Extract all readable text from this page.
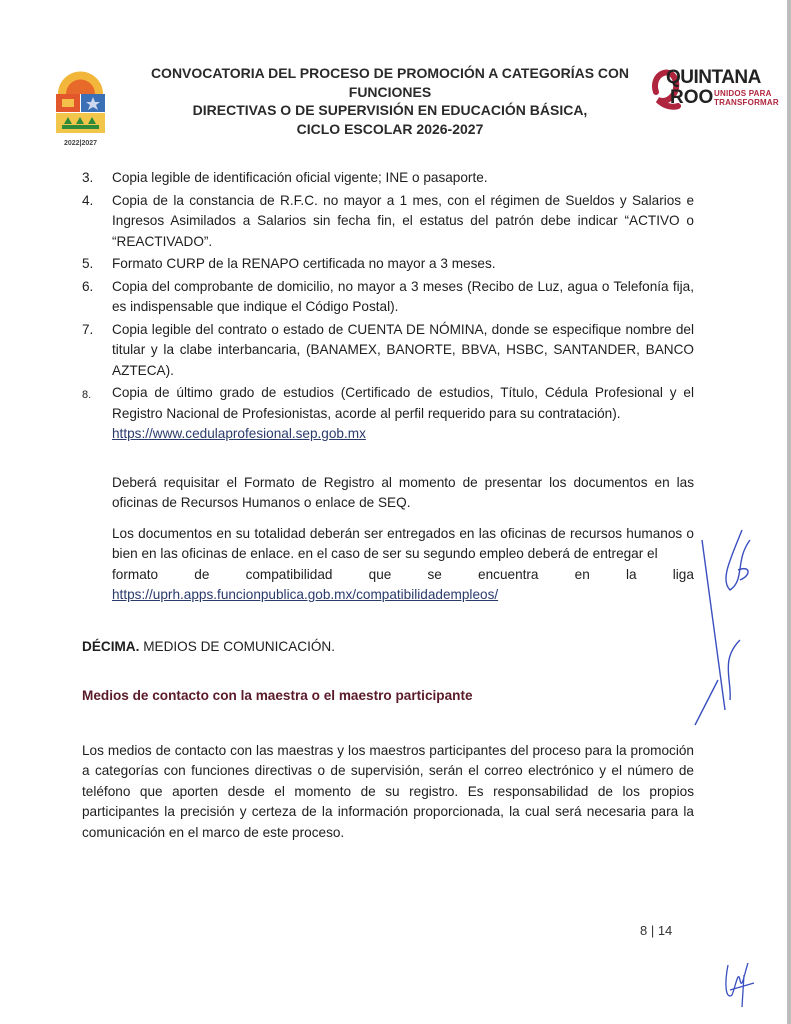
2022|2027
CONVOCATORIA DEL PROCESO DE PROMOCIÓN A CATEGORÍAS CON FUNCIONES
DIRECTIVAS O DE SUPERVISIÓN EN EDUCACIÓN BÁSICA,
CICLO ESCOLAR 2026-2027
QUINTANA
ROO UNIDOS PARA
TRANSFORMAR
3.	Copia legible de identificación oficial vigente; INE o pasaporte.
4.	Copia de la constancia de R.F.C. no mayor a 1 mes, con el régimen de Sueldos y Salarios e Ingresos Asimilados a Salarios sin fecha fin, el estatus del patrón debe indicar “ACTIVO o “REACTIVADO”.
5.	Formato CURP de la RENAPO certificada no mayor a 3 meses.
6.	Copia del comprobante de domicilio, no mayor a 3 meses (Recibo de Luz, agua o Telefonía fija, es indispensable que indique el Código Postal).
7.	Copia legible del contrato o estado de CUENTA DE NÓMINA, donde se especifique nombre del titular y la clabe interbancaria, (BANAMEX, BANORTE, BBVA, HSBC, SANTANDER, BANCO AZTECA).
8.	Copia de último grado de estudios (Certificado de estudios, Título, Cédula Profesional y el Registro Nacional de Profesionistas, acorde al perfil requerido para su contratación).
https://www.cedulaprofesional.sep.gob.mx
Deberá requisitar el Formato de Registro al momento de presentar los documentos en las oficinas de Recursos Humanos o enlace de SEQ.
Los documentos en su totalidad deberán ser entregados en las oficinas de recursos humanos o bien en las oficinas de enlace. en el caso de ser su segundo empleo deberá de entregar el
formato	de	compatibilidad	que	se	encuentra	en	la	liga
https://uprh.apps.funcionpublica.gob.mx/compatibilidadempleos/
DÉCIMA. MEDIOS DE COMUNICACIÓN.
Medios de contacto con la maestra o el maestro participante
Los medios de contacto con las maestras y los maestros participantes del proceso para la promoción a categorías con funciones directivas o de supervisión, serán el correo electrónico y el número de teléfono que aporten desde el momento de su registro. Es responsabilidad de los propios participantes la precisión y certeza de la información proporcionada, la cual será necesaria para la comunicación en el marco de este proceso.
8 | 14
